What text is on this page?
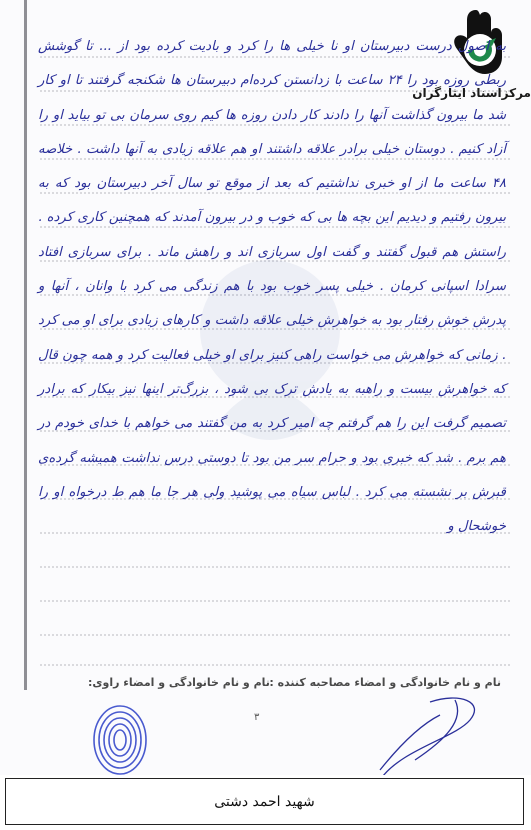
مرکزاسناد ایثارگران

به اصول درست دبیرستان او نا خیلی ها را کرد و بادیت کرده بود از ... تا گوشش ربطی روزه بود را ۲۴ ساعت با زدانستن کرده‌ام دبیرستان ها شکنجه گرفتند تا او کار شد ما بیرون گذاشت آنها را دادند کار دادن روزه ها کیم روی سرمان بی تو بیاید او را آزاد کنیم . دوستان خیلی برادر علاقه داشتند او هم علاقه زیادی به آنها داشت . خلاصه ۴۸ ساعت ما از او خبری نداشتیم که بعد از موقع تو سال آخر دبیرستان بود که به بیرون رفتیم و دیدیم این بچه ها بی که خوب و در بیرون آمدند که همچنین کاری کرده . راستش هم قبول گفتند و گفت اول سربازی اند و راهش ماند . برای سربازی افتاد سرادا اسپانی کرمان . خیلی پسر خوب بود با هم زندگی می کرد با وانان ، آنها و پدرش خوش رفتار بود به خواهرش خیلی علاقه داشت و کارهای زیادی برای او می کرد . زمانی که خواهرش می خواست راهی کنیز برای او خیلی فعالیت کرد و همه چون قال که خواهرش بیست و راهبه به یادش ترک بی شود ، بزرگ‌تر اینها نیز بیکار که برادر تصمیم گرفت این را هم گرفتم چه امیر کرد به من گفتند می خواهم با خدای خودم در هم برم . شد که خبری بود و حرام سر من بود تا دوستی درس نداشت همیشه گرده‌ی قبرش بر نشسته می کرد . لباس سیاه می پوشید ولی هر جا ما هم ط درخواه او را خوشحال و

نام و نام خانوادگی و امضاء مصاحبه کننده :
نام و نام خانوادگی و امضاء راوی:
۳
شهید احمد دشتی
